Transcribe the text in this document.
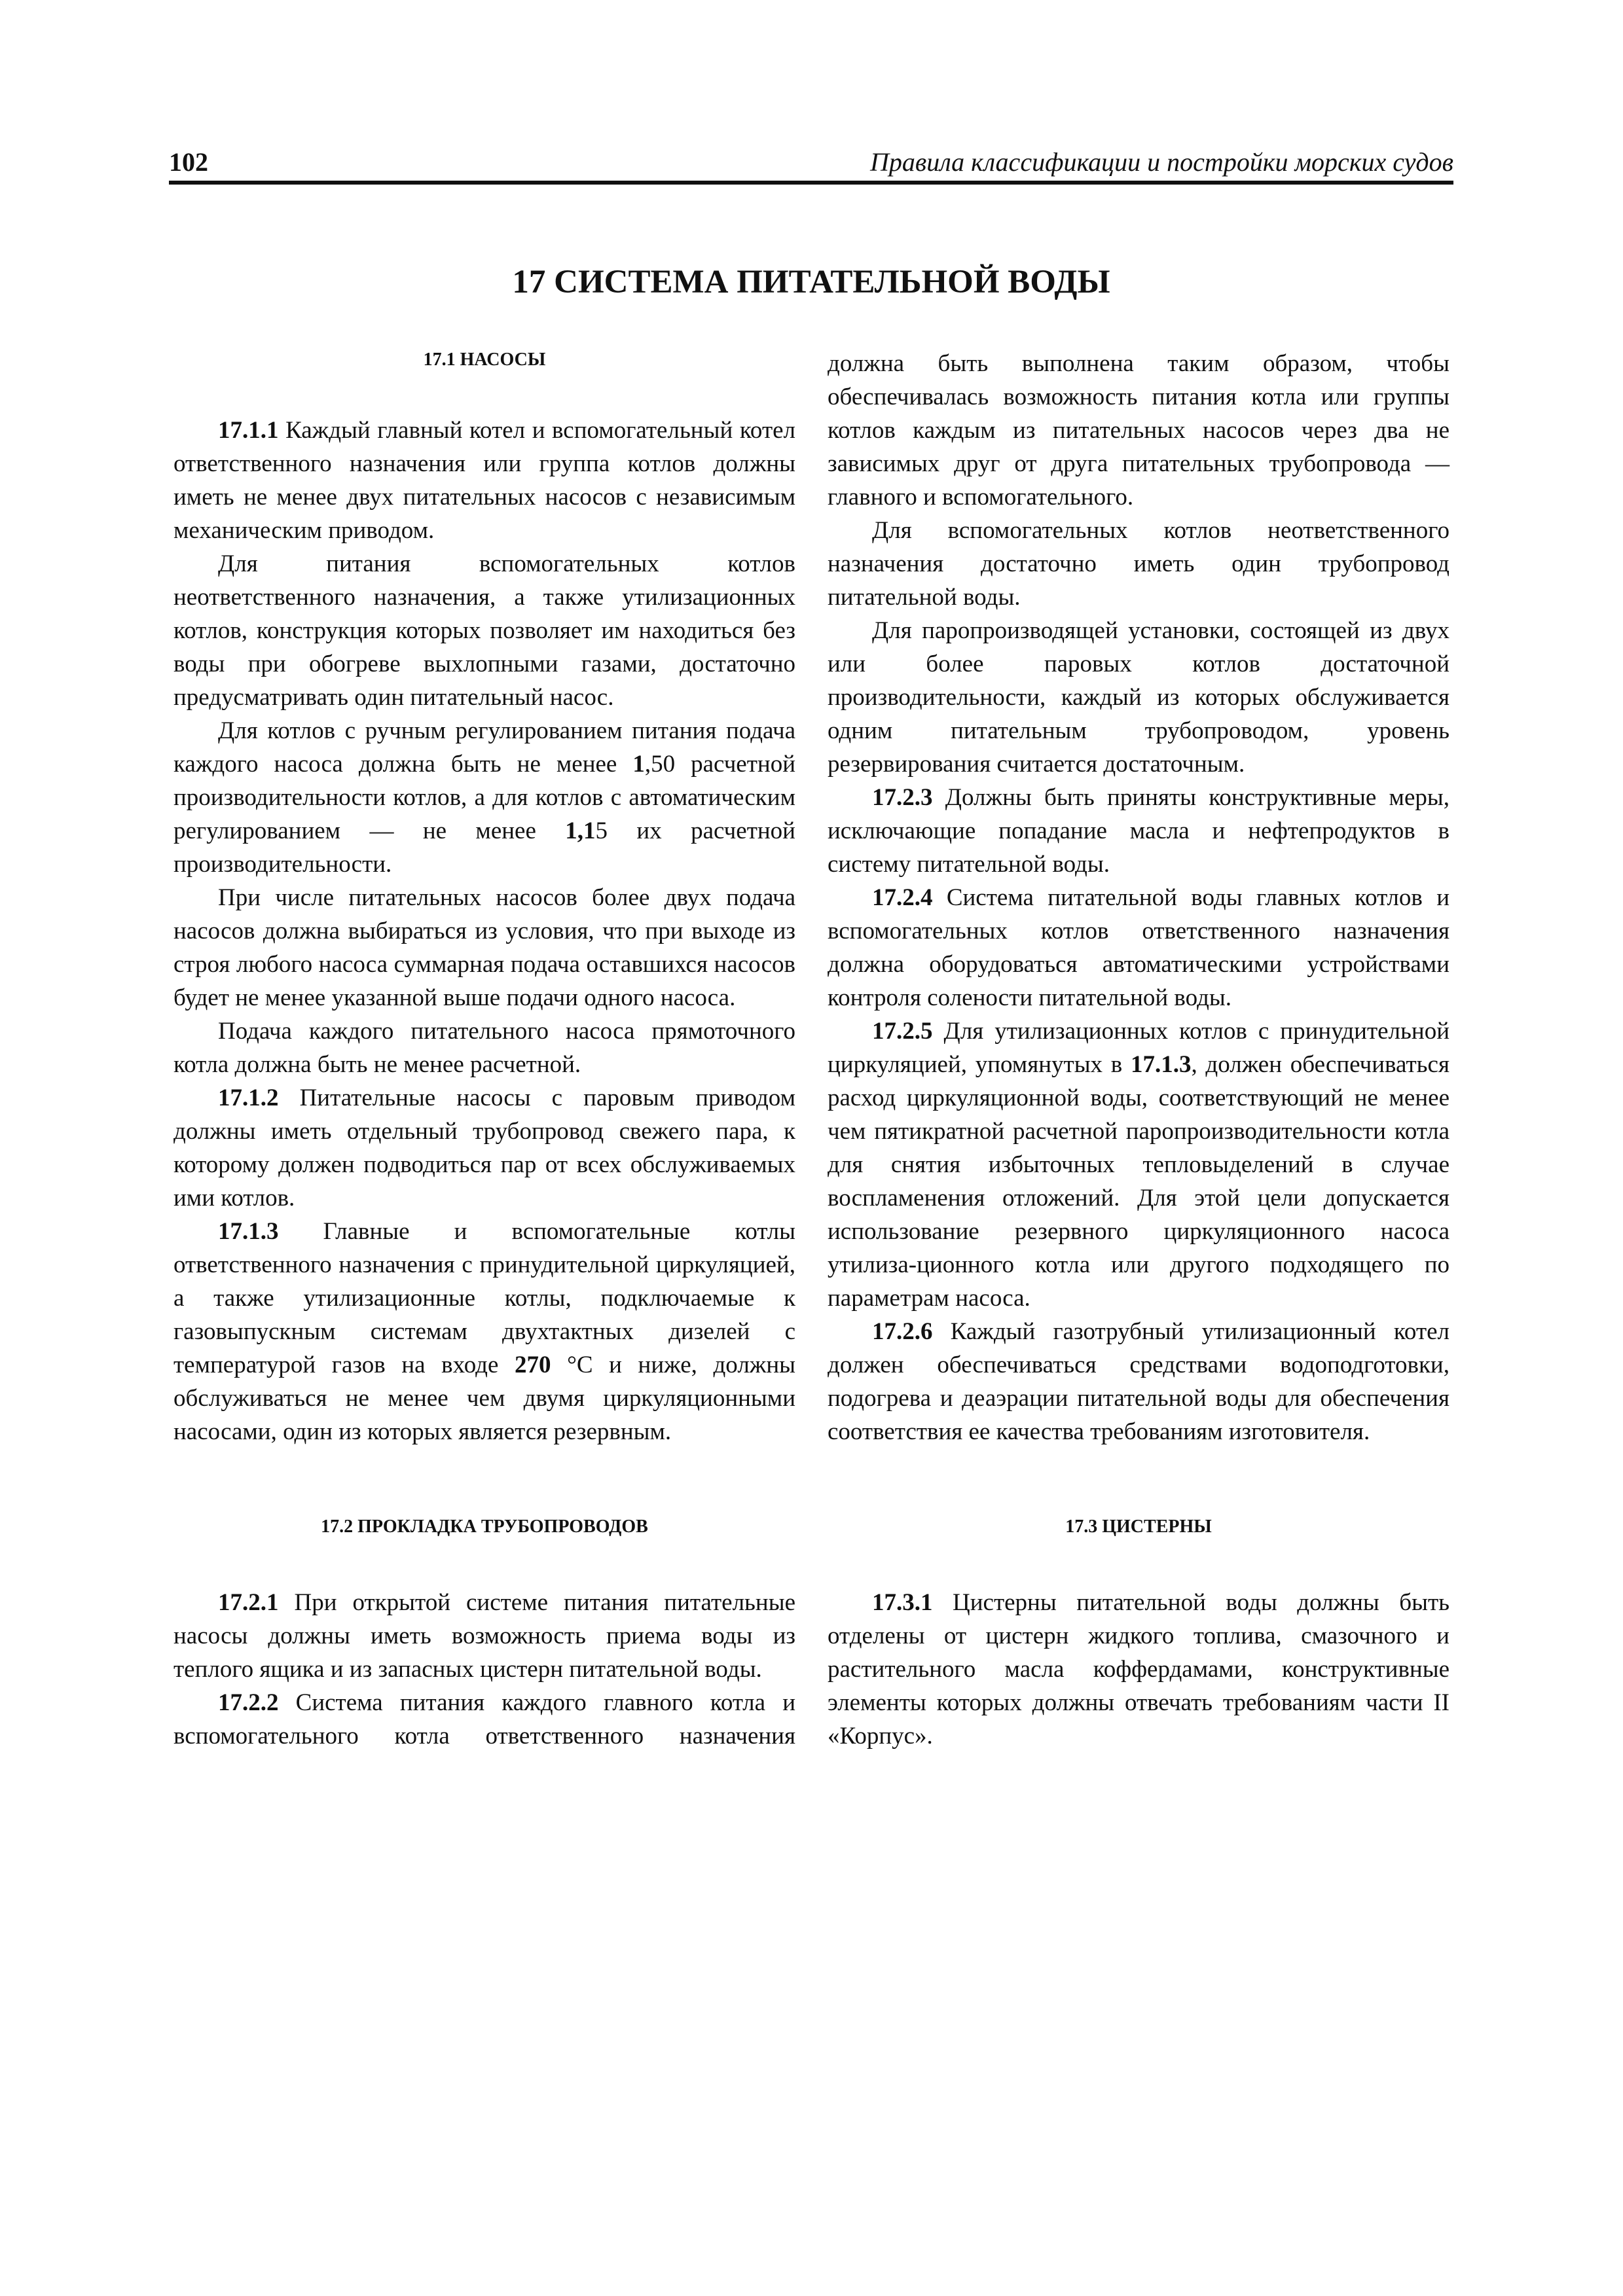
102	Правила классификации и постройки морских судов
17 СИСТЕМА ПИТАТЕЛЬНОЙ ВОДЫ
17.1 НАСОСЫ

17.1.1 Каждый главный котел и вспомогательный котел ответственного назначения или группа котлов должны иметь не менее двух питательных насосов с независимым механическим приводом.

Для питания вспомогательных котлов неответственного назначения, а также утилизационных котлов, конструкция которых позволяет им находиться без воды при обогреве выхлопными газами, достаточно предусматривать один питательный насос.

Для котлов с ручным регулированием питания подача каждого насоса должна быть не менее 1,50 расчетной производительности котлов, а для котлов с автоматическим регулированием — не менее 1,15 их расчетной производительности.

При числе питательных насосов более двух подача насосов должна выбираться из условия, что при выходе из строя любого насоса суммарная подача оставшихся насосов будет не менее указанной выше подачи одного насоса.

Подача каждого питательного насоса прямоточного котла должна быть не менее расчетной.

17.1.2 Питательные насосы с паровым приводом должны иметь отдельный трубопровод свежего пара, к которому должен подводиться пар от всех обслуживаемых ими котлов.

17.1.3 Главные и вспомогательные котлы ответственного назначения с принудительной циркуляцией, а также утилизационные котлы, подключаемые к газовыпускным системам двухтактных дизелей с температурой газов на входе 270 °С и ниже, должны обслуживаться не менее чем двумя циркуляционными насосами, один из которых является резервным.

17.2 ПРОКЛАДКА ТРУБОПРОВОДОВ

17.2.1 При открытой системе питания питательные насосы должны иметь возможность приема воды из теплого ящика и из запасных цистерн питательной воды.

17.2.2 Система питания каждого главного котла и вспомогательного котла ответственного назначения

должна быть выполнена таким образом, чтобы обеспечивалась возможность питания котла или группы котлов каждым из питательных насосов через два не зависимых друг от друга питательных трубопровода — главного и вспомогательного.

Для вспомогательных котлов неответственного назначения достаточно иметь один трубопровод питательной воды.

Для паропроизводящей установки, состоящей из двух или более паровых котлов достаточной производительности, каждый из которых обслуживается одним питательным трубопроводом, уровень резервирования считается достаточным.

17.2.3 Должны быть приняты конструктивные меры, исключающие попадание масла и нефтепродуктов в систему питательной воды.

17.2.4 Система питательной воды главных котлов и вспомогательных котлов ответственного назначения должна оборудоваться автоматическими устройствами контроля солености питательной воды.

17.2.5 Для утилизационных котлов с принудительной циркуляцией, упомянутых в 17.1.3, должен обеспечиваться расход циркуляционной воды, соответствующий не менее чем пятикратной расчетной паропроизводительности котла для снятия избыточных тепловыделений в случае воспламенения отложений. Для этой цели допускается использование резервного циркуляционного насоса утилиза-ционного котла или другого подходящего по параметрам насоса.

17.2.6 Каждый газотрубный утилизационный котел должен обеспечиваться средствами водоподготовки, подогрева и деаэрации питательной воды для обеспечения соответствия ее качества требованиям изготовителя.

17.3 ЦИСТЕРНЫ

17.3.1 Цистерны питательной воды должны быть отделены от цистерн жидкого топлива, смазочного и растительного масла коффердамами, конструктивные элементы которых должны отвечать требованиям части II «Корпус».
